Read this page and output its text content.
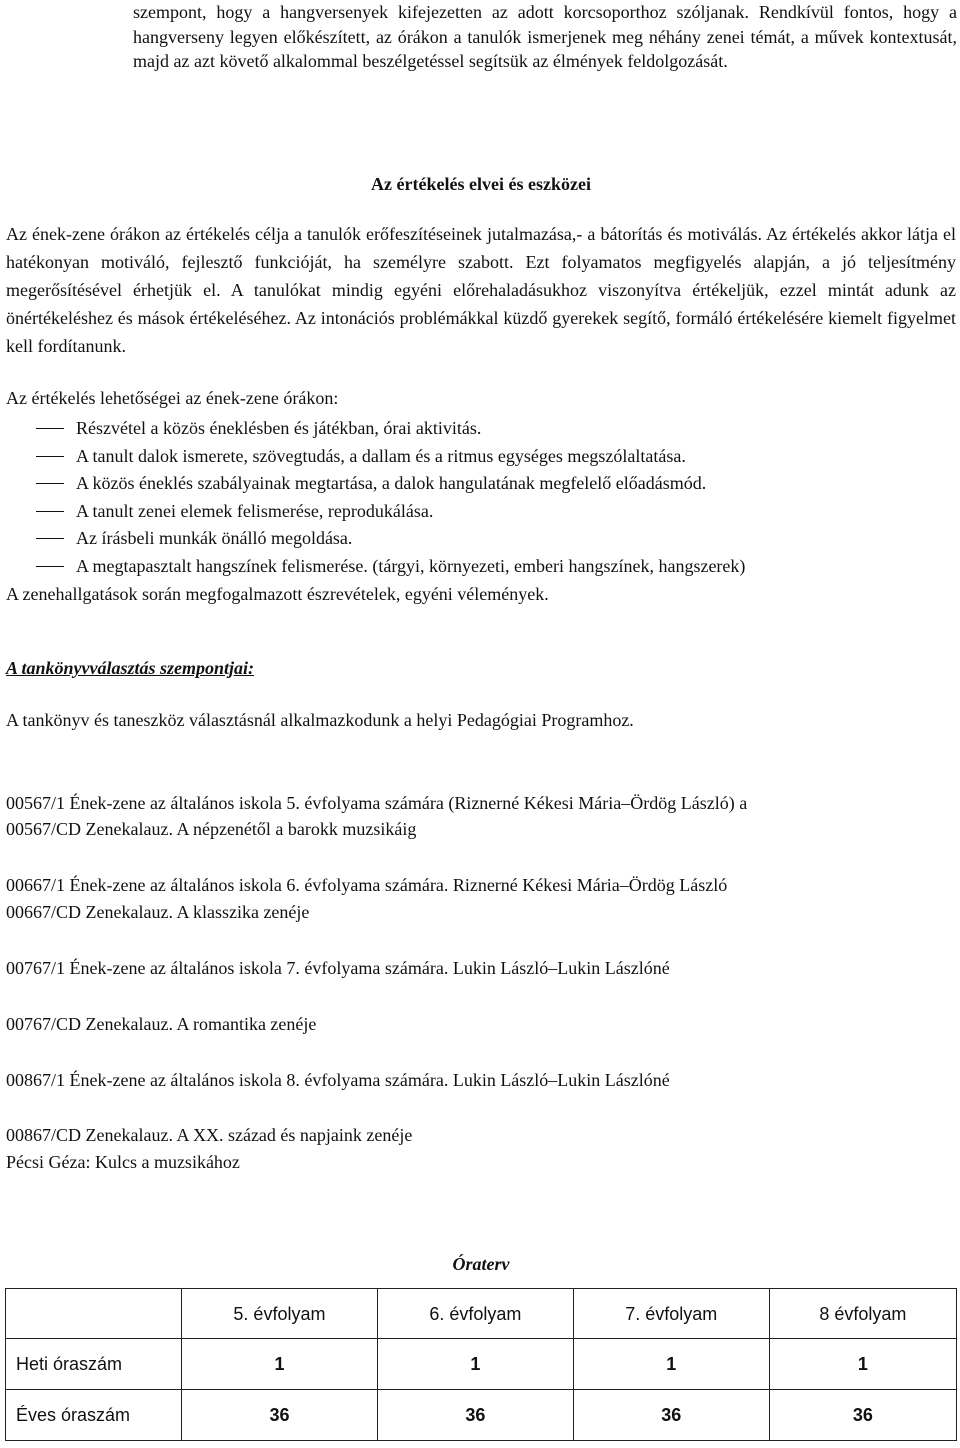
szempont, hogy a hangversenyek kifejezetten az adott korcsoporthoz szóljanak. Rendkívül fontos, hogy a hangverseny legyen előkészített, az órákon a tanulók ismerjenek meg néhány zenei témát, a művek kontextusát, majd az azt követő alkalommal beszélgetéssel segítsük az élmények feldolgozását.

Az értékelés elvei és eszközei

Az ének-zene órákon az értékelés célja a tanulók erőfeszítéseinek jutalmazása,- a bátorítás és motiválás. Az értékelés akkor látja el hatékonyan motiváló, fejlesztő funkcióját, ha személyre szabott. Ezt folyamatos megfigyelés alapján, a jó teljesítmény megerősítésével érhetjük el. A tanulókat mindig egyéni előrehaladásukhoz viszonyítva értékeljük, ezzel mintát adunk az önértékeléshez és mások értékeléséhez. Az intonációs problémákkal küzdő gyerekek segítő, formáló értékelésére kiemelt figyelmet kell fordítanunk.

Az értékelés lehetőségei az ének-zene órákon:

Részvétel a közös éneklésben és játékban, órai aktivitás.
A tanult dalok ismerete, szövegtudás, a dallam és a ritmus egységes megszólaltatása.
A közös éneklés szabályainak megtartása, a dalok hangulatának megfelelő előadásmód.
A tanult zenei elemek felismerése, reprodukálása.
Az írásbeli munkák önálló megoldása.
A megtapasztalt hangszínek felismerése. (tárgyi, környezeti, emberi hangszínek, hangszerek)

A zenehallgatások során megfogalmazott észrevételek, egyéni vélemények.

A tankönyvválasztás szempontjai:

A tankönyv és taneszköz választásnál alkalmazkodunk a helyi Pedagógiai Programhoz.

00567/1 Ének-zene az általános iskola 5. évfolyama számára (Riznerné Kékesi Mária–Ördög László) a

00567/CD Zenekalauz. A népzenétől a barokk muzsikáig

00667/1 Ének-zene az általános iskola 6. évfolyama számára. Riznerné Kékesi Mária–Ördög László

00667/CD Zenekalauz. A klasszika zenéje

00767/1 Ének-zene az általános iskola 7. évfolyama számára. Lukin László–Lukin Lászlóné

00767/CD Zenekalauz. A romantika zenéje

00867/1 Ének-zene az általános iskola 8. évfolyama számára. Lukin László–Lukin Lászlóné

00867/CD Zenekalauz. A XX. század és napjaink zenéje

Pécsi Géza: Kulcs a muzsikához

Óraterv

	5. évfolyam	6. évfolyam	7. évfolyam	8 évfolyam
Heti óraszám	1	1	1	1
Éves óraszám	36	36	36	36
